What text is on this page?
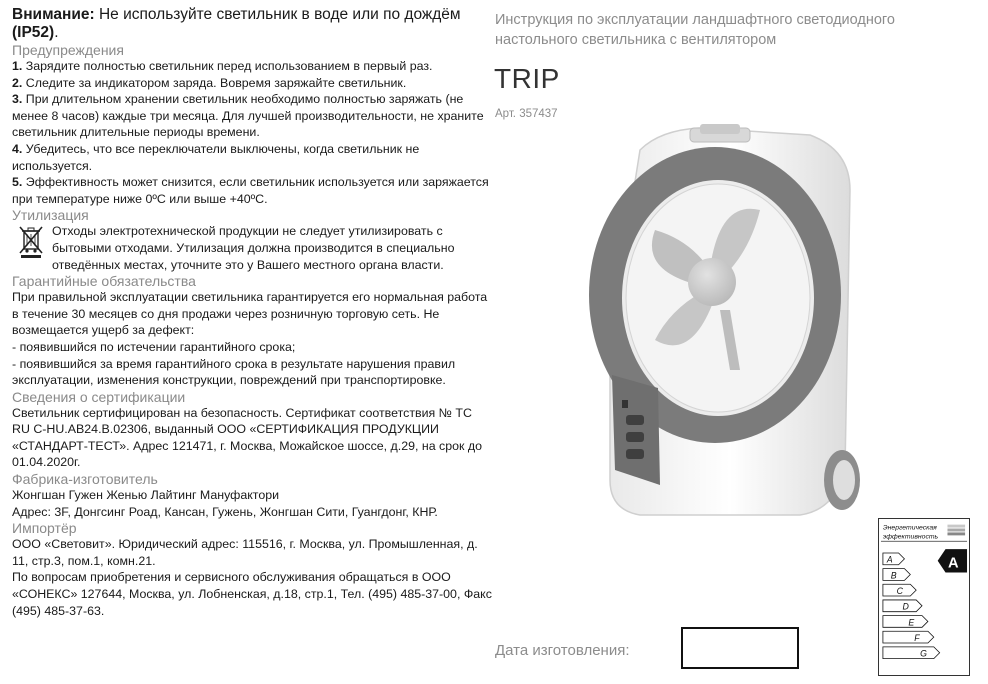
Внимание: Не используйте светильник в воде или по дождём (IP52).

Предупреждения

1. Зарядите полностью светильник перед использованием в первый раз.

2. Следите за индикатором заряда. Вовремя заряжайте светильник.

3. При длительном хранении светильник необходимо полностью заряжать (не менее 8 часов) каждые три месяца. Для лучшей производительности, не храните светильник длительные периоды времени.

4. Убедитесь, что все переключатели выключены, когда светильник не используется.

5. Эффективность может снизится, если светильник используется или заряжается при температуре ниже 0ºС или выше +40ºС.

Утилизация

Отходы электротехнической продукции не следует утилизировать с бытовыми отходами. Утилизация должна производится в специально отведённых местах, уточните это у Вашего местного органа власти.

Гарантийные обязательства

При правильной эксплуатации светильника гарантируется его нормальная работа в течение 30 месяцев со дня продажи через розничную торговую сеть. Не возмещается ущерб за дефект:

- появившийся по истечении гарантийного срока;

- появившийся за время гарантийного срока в результате нарушения правил эксплуатации, изменения конструкции, повреждений при транспортировке.

Сведения о сертификации

Светильник сертифицирован на безопасность. Сертификат соответствия № TC RU C-HU.AB24.B.02306, выданный ООО «СЕРТИФИКАЦИЯ ПРОДУКЦИИ «СТАНДАРТ-ТЕСТ». Адрес 121471, г. Москва, Можайское шоссе, д.29, на срок до 01.04.2020г.

Фабрика-изготовитель

Жонгшан Гужен Женью Лайтинг Мануфактори

Адрес: 3F, Донгсинг Роад, Кансан, Гужень, Жонгшан Сити, Гуангдонг, КНР.

Импортёр

ООО «Световит». Юридический адрес: 115516, г. Москва, ул. Промышленная, д. 11, стр.3, пом.1, комн.21.

По вопросам приобретения и сервисного обслуживания обращаться в ООО «СОНЕКС» 127644, Москва, ул. Лобненская, д.18, стр.1, Тел. (495) 485-37-00, Факс (495) 485-37-63.

Инструкция по эксплуатации ландшафтного светодиодного настольного светильника с вентилятором
TRIP
Арт. 357437
Дата изготовления:
Энергетическая
эффективность
A
A
B
C
D
E
F
G
